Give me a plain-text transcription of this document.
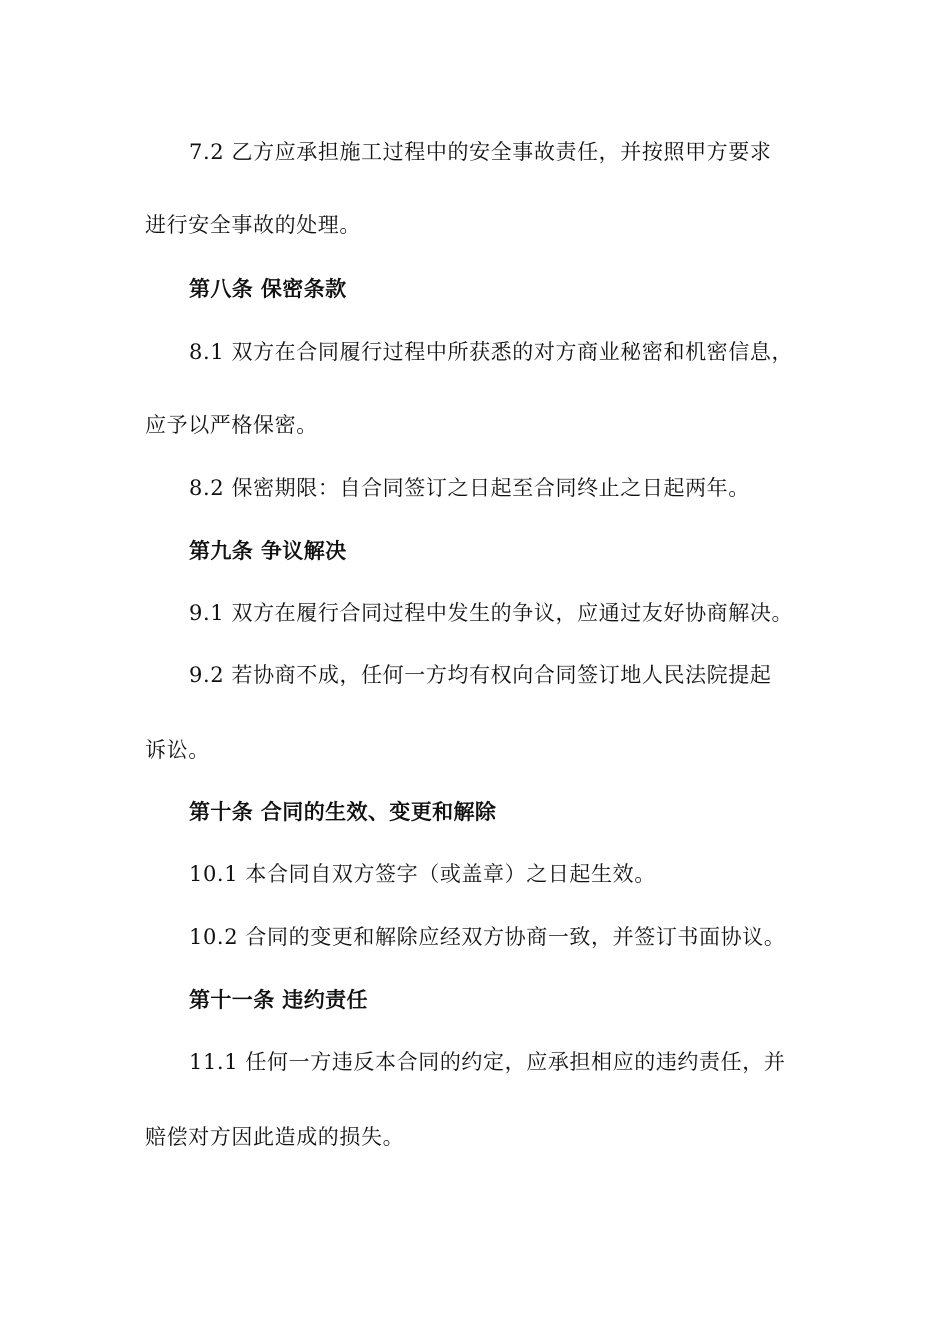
7.2 乙方应承担施工过程中的安全事故责任，并按照甲方要求
进行安全事故的处理。
第八条 保密条款
8.1 双方在合同履行过程中所获悉的对方商业秘密和机密信息，
应予以严格保密。
8.2 保密期限：自合同签订之日起至合同终止之日起两年。
第九条 争议解决
9.1 双方在履行合同过程中发生的争议，应通过友好协商解决。
9.2 若协商不成，任何一方均有权向合同签订地人民法院提起
诉讼。
第十条 合同的生效、变更和解除
10.1 本合同自双方签字（或盖章）之日起生效。
10.2 合同的变更和解除应经双方协商一致，并签订书面协议。
第十一条 违约责任
11.1 任何一方违反本合同的约定，应承担相应的违约责任，并
赔偿对方因此造成的损失。
